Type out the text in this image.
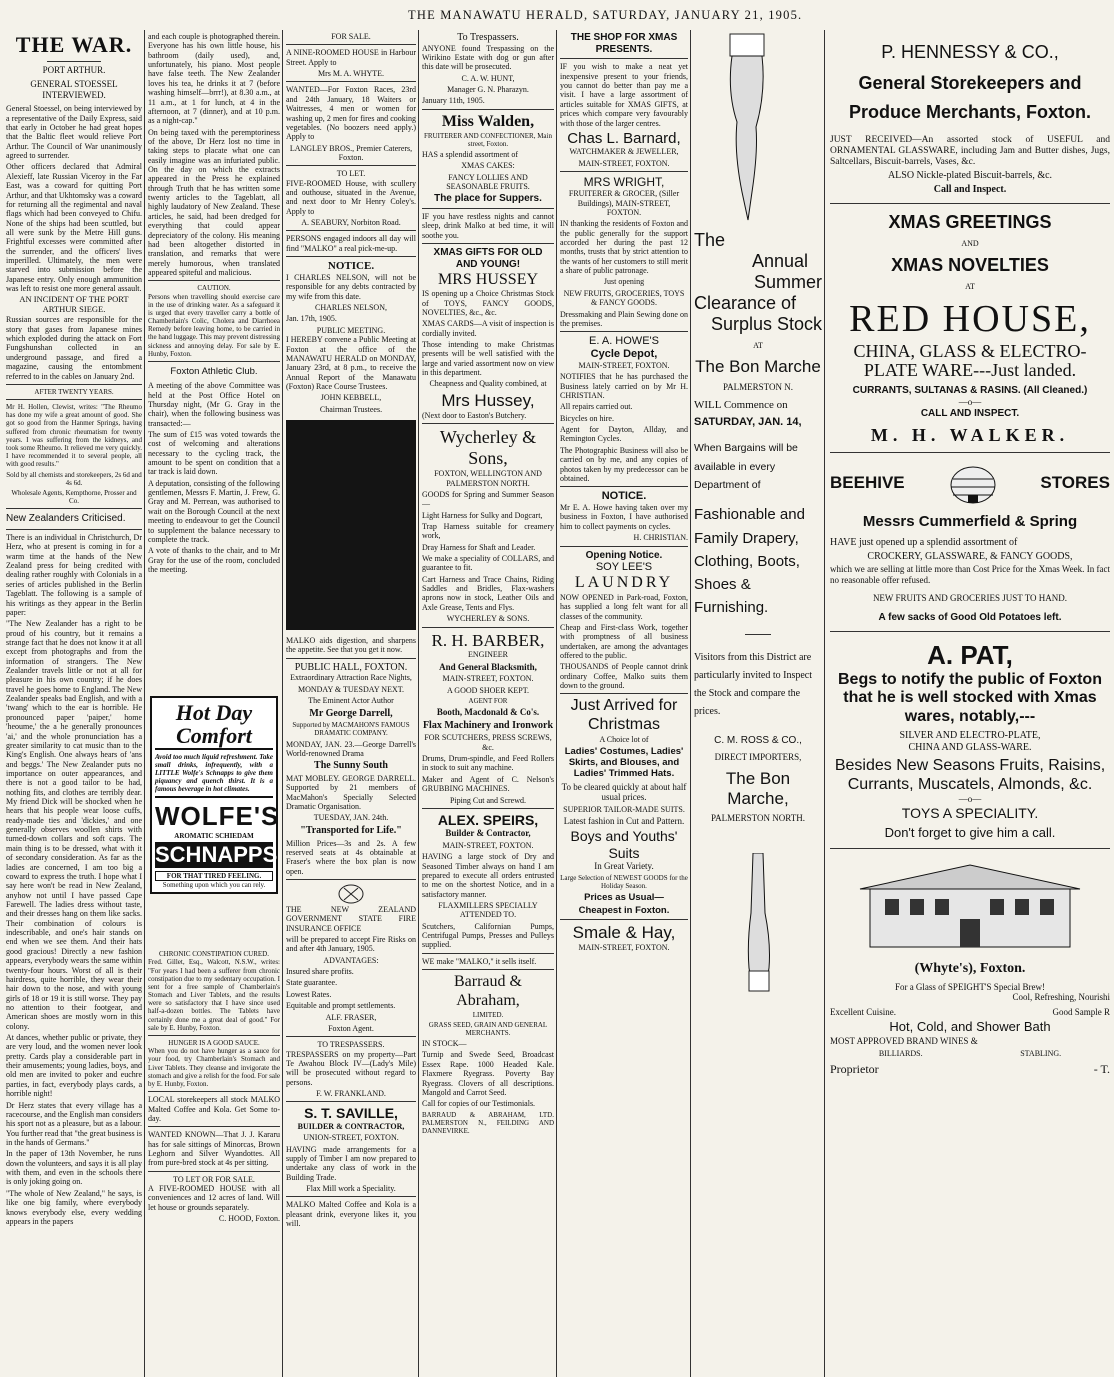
THE MANAWATU HERALD, SATURDAY, JANUARY 21, 1905.
THE WAR.
PORT ARTHUR.
GENERAL STOESSEL INTERVIEWED.

General Stoessel, on being interviewed by a representative of the Daily Express, said that early in October he had great hopes that the Baltic fleet would relieve Port Arthur. The Council of War unanimously agreed to surrender.

Other officers declared that Admiral Alexieff, late Russian Viceroy in the Far East, was a coward for quitting Port Arthur, and that Ukhtomsky was a coward for returning all the regimental and naval flags which had been conveyed to Chifu. None of the ships had been scuttled, but all were sunk by the Metre Hill guns. Frightful excesses were committed after the surrender, and the officers' lives imperilled. Ultimately, the men were starved into submission before the Japanese entry. Only enough ammunition was left to resist one more general assault.

AN INCIDENT OF THE PORT ARTHUR SIEGE.

Russian sources are responsible for the story that gases from Japanese mines which exploded during the attack on Fort Fungshunshan collected in an underground passage, and fired a magazine, causing the entombment referred to in the cables on January 2nd.

AFTER TWENTY YEARS.

Mr H. Hollen, Clewist, writes: "The Rheumo has done my wife a great amount of good. She got so good from the Hanmer Springs, having suffered from chronic rheumatism for twenty years. I was suffering from the kidneys, and took some Rheumo. It relieved me very quickly. I have recommended it to several people, all with good results."

Sold by all chemists and storekeepers, 2s 6d and 4s 6d.

Wholesale Agents, Kempthorne, Prosser and Co.

New Zealanders Criticised.

There is an individual in Christchurch, Dr Herz, who at present is coming in for a warm time at the hands of the New Zealand press for being credited with dealing rather roughly with Colonials in a series of articles published in the Berlin Tageblatt. The following is a sample of his writings as they appear in the Berlin paper:

"The New Zealander has a right to be proud of his country, but it remains a strange fact that he does not know it at all except from photographs and from the information of strangers. The New Zealander travels little or not at all for pleasure in his own country; if he does travel he goes home to England. The New Zealander speaks bad English, and with a 'twang' which to the ear is horrible. He pronounced paper 'paiper,' home 'heoume,' the a he generally pronounces 'ai,' and the whole pronunciation has a greater similarity to cat music than to the King's English. One always hears of 'ans and beggs.' The New Zealander puts no importance on outer appearances, and there is not a good tailor to be had, nothing fits, and clothes are terribly dear. My friend Dick will be shocked when he hears that his people wear loose cuffs, ready-made ties and 'dickies,' and one generally observes woollen shirts with turned-down collars and soft caps. The main thing is to be dressed, what with it of secondary consideration. As far as the ladies are concerned, I am too big a coward to express the truth. I hope what I say here won't be read in New Zealand, anyhow not until I have passed Cape Farewell. The ladies dress without taste, and their dresses hang on them like sacks. Their combination of colours is indescribable, and one's hair stands on end when we see them. And their hats good gracious! Directly a new fashion appears, everybody wears the same within twenty-four hours. Worst of all is their hairdress, quite horrible, they wear their hair down to the nose, and with young girls of 18 or 19 it is still worse. They pay no attention to their footgear, and American shoes are mostly worn in this colony.

At dances, whether public or private, they are very loud, and the women never look pretty. Cards play a considerable part in their amusements; young ladies, boys, and old men are invited to poker and euchre parties, in fact, everybody plays cards, a horrible night!

Dr Herz states that every village has a racecourse, and the English man considers his sport not as a pleasure, but as a labour. You further read that "the great business is in the hands of Germans."

In the paper of 13th November, he runs down the volunteers, and says it is all play with them, and even in the schools there is only joking going on.

"The whole of New Zealand," he says, is like one big family, where everybody knows everybody else, every wedding appears in the papers

and each couple is photographed therein. Everyone has his own little house, his bathroom (daily used), and, unfortunately, his piano. Most people have false teeth. The New Zealander loves his tea, he drinks it at 7 (before washing himself—brrr!), at 8.30 a.m., at 11 a.m., at 1 for lunch, at 4 in the afternoon, at 7 (dinner), and at 10 p.m. as a night-cap."

On being taxed with the peremptoriness of the above, Dr Herz lost no time in taking steps to placate what one can easily imagine was an infuriated public. On the day on which the extracts appeared in the Press he explained through Truth that he has written some twenty articles to the Tageblatt, all highly laudatory of New Zealand. These articles, he said, had been dredged for everything that could appear depreciatory of the colony. His meaning had been altogether distorted in translation, and remarks that were merely humorous, when translated appeared spiteful and malicious.

CAUTION.

Persons when travelling should exercise care in the use of drinking water. As a safeguard it is urged that every traveller carry a bottle of Chamberlain's Colic, Cholera and Diarrhoea Remedy before leaving home, to be carried in the hand luggage. This may prevent distressing sickness and annoying delay. For sale by E. Hunby, Foxton.

Foxton Athletic Club.

A meeting of the above Committee was held at the Post Office Hotel on Thursday night, (Mr G. Gray in the chair), when the following business was transacted:—

The sum of £15 was voted towards the cost of welcoming and alterations necessary to the cycling track, the amount to be spent on condition that a tar track is laid down.

A deputation, consisting of the following gentlemen, Messrs F. Martin, J. Frew, G. Gray and M. Perrean, was authorised to wait on the Borough Council at the next meeting to endeavour to get the Council to supplement the balance necessary to complete the track.

A vote of thanks to the chair, and to Mr Gray for the use of the room, concluded the meeting.

Hot Day Comfort
Avoid too much liquid refreshment. Take small drinks, infrequently, with a LITTLE Wolfe's Schnapps to give them piquancy and quench thirst. It is a famous beverage in hot climates.
WOLFE'S
AROMATIC SCHIEDAM
SCHNAPPS
FOR THAT TIRED FEELING.
Something upon which you can rely.
CHRONIC CONSTIPATION CURED.

Fred. Gillet, Esq., Walcott, N.S.W., writes: "For years I had been a sufferer from chronic constipation due to my sedentary occupation. I sent for a free sample of Chamberlain's Stomach and Liver Tablets, and the results were so satisfactory that I have since used half-a-dozen bottles. The Tablets have certainly done me a great deal of good." For sale by E. Hunby, Foxton.

HUNGER IS A GOOD SAUCE.

When you do not have hunger as a sauce for your food, try Chamberlain's Stomach and Liver Tablets. They cleanse and invigorate the stomach and give a relish for the food. For sale by E. Hunby, Foxton.

LOCAL storekeepers all stock MALKO Malted Coffee and Kola. Get Some to-day.

WANTED KNOWN—That J. J. Kararu has for sale sittings of Minorcas, Brown Leghorn and Silver Wyandottes. All from pure-bred stock at 4s per sitting.

TO LET OR FOR SALE.

A FIVE-ROOMED HOUSE with all conveniences and 12 acres of land. Will let house or grounds separately.

C. HOOD, Foxton.

FOR SALE.

A NINE-ROOMED HOUSE in Harbour Street. Apply to

Mrs M. A. WHYTE.

WANTED—For Foxton Races, 23rd and 24th January, 18 Waiters or Waitresses, 4 men or women for washing up, 2 men for fires and cooking vegetables. (No boozers need apply.) Apply to

LANGLEY BROS., Premier Caterers, Foxton.

TO LET.

FIVE-ROOMED House, with scullery and outhouse, situated in the Avenue, and next door to Mr Henry Coley's. Apply to

A. SEABURY, Norbiton Road.

PERSONS engaged indoors all day will find "MALKO" a real pick-me-up.

NOTICE.

I CHARLES NELSON, will not be responsible for any debts contracted by my wife from this date.

CHARLES NELSON,

Jan. 17th, 1905.

PUBLIC MEETING.

I HEREBY convene a Public Meeting at Foxton at the office of the MANAWATU HERALD on MONDAY, January 23rd, at 8 p.m., to receive the Annual Report of the Manawatu (Foxton) Race Course Trustees.

JOHN KEBBELL,

Chairman Trustees.

MALKO aids digestion, and sharpens the appetite. See that you get it now.

PUBLIC HALL, FOXTON.

Extraordinary Attraction Race Nights,

MONDAY & TUESDAY NEXT.

The Eminent Actor Author

Mr George Darrell,

Supported by MACMAHON'S FAMOUS DRAMATIC COMPANY.

MONDAY, JAN. 23.—George Darrell's World-renowned Drama

The Sunny South

MAT MOBLEY. GEORGE DARRELL. Supported by 21 members of MacMahon's Specially Selected Dramatic Organisation.

TUESDAY, JAN. 24th.

"Transported for Life."

Million Prices—3s and 2s. A few reserved seats at 4s obtainable at Fraser's where the box plan is now open.

THE NEW ZEALAND GOVERNMENT STATE FIRE INSURANCE OFFICE

will be prepared to accept Fire Risks on and after 4th January, 1905.

ADVANTAGES:

Insured share profits.

State guarantee.

Lowest Rates.

Equitable and prompt settlements.

ALF. FRASER,

Foxton Agent.

TO TRESPASSERS.

TRESPASSERS on my property—Part Te Awahou Block IV—(Lady's Mile) will be prosecuted without regard to persons.

F. W. FRANKLAND.

S. T. SAVILLE,

BUILDER & CONTRACTOR,

UNION-STREET, FOXTON.

HAVING made arrangements for a supply of Timber I am now prepared to undertake any class of work in the Building Trade.

Flax Mill work a Speciality.

MALKO Malted Coffee and Kola is a pleasant drink, everyone likes it, you will.

To Trespassers.

ANYONE found Trespassing on the Wirikino Estate with dog or gun after this date will be prosecuted.

C. A. W. HUNT,

Manager G. N. Pharazyn.

January 11th, 1905.

Miss Walden,

FRUITERER AND CONFECTIONER, Main street, Foxton.

HAS a splendid assortment of

XMAS CAKES:

FANCY LOLLIES AND SEASONABLE FRUITS.

The place for Suppers.

IF you have restless nights and cannot sleep, drink Malko at bed time, it will soothe you.

XMAS GIFTS FOR OLD AND YOUNG!
MRS HUSSEY

IS opening up a Choice Christmas Stock of TOYS, FANCY GOODS, NOVELTIES, &c., &c.

XMAS CARDS—A visit of inspection is cordially invited.

Those intending to make Christmas presents will be well satisfied with the large and varied assortment now on view in this department.

Cheapness and Quality combined, at

Mrs Hussey,

(Next door to Easton's Butchery.

Wycherley & Sons,

FOXTON, WELLINGTON AND PALMERSTON NORTH.

GOODS for Spring and Summer Season—

Light Harness for Sulky and Dogcart,

Trap Harness suitable for creamery work,

Dray Harness for Shaft and Leader.

We make a speciality of COLLARS, and guarantee to fit.

Cart Harness and Trace Chains, Riding Saddles and Bridles, Flax-washers aprons now in stock, Leather Oils and Axle Grease, Tents and Flys.

WYCHERLEY & SONS.

R. H. BARBER,

ENGINEER

And General Blacksmith,

MAIN-STREET, FOXTON.

A GOOD SHOER KEPT.

AGENT FOR

Booth, Macdonald & Co's.

Flax Machinery and Ironwork

FOR SCUTCHERS, PRESS SCREWS, &c.

Drums, Drum-spindle, and Feed Rollers in stock to suit any machine.

Maker and Agent of C. Nelson's GRUBBING MACHINES.

Piping Cut and Screwd.

ALEX. SPEIRS,

Builder & Contractor,

MAIN-STREET, FOXTON.

HAVING a large stock of Dry and Seasoned Timber always on hand I am prepared to execute all orders entrusted to me on the shortest Notice, and in a satisfactory manner.

FLAXMILLERS SPECIALLY ATTENDED TO.

Scutchers, Californian Pumps, Centrifugal Pumps, Presses and Pulleys supplied.

WE make "MALKO," it sells itself.

Barraud & Abraham,

LIMITED.

GRASS SEED, GRAIN AND GENERAL MERCHANTS.

IN STOCK—

Turnip and Swede Seed, Broadcast Essex Rape. 1000 Headed Kale. Flaxmere Ryegrass. Poverty Bay Ryegrass. Clovers of all descriptions. Mangold and Carrot Seed.

Call for copies of our Testimonials.

BARRAUD & ABRAHAM, LTD. PALMERSTON N., FEILDING AND DANNEVIRKE.

THE SHOP FOR XMAS PRESENTS.

IF you wish to make a neat yet inexpensive present to your friends, you cannot do better than pay me a visit. I have a large assortment of articles suitable for XMAS GIFTS, at prices which compare very favourably with those of the larger centres.

Chas L. Barnard,

WATCHMAKER & JEWELLER,

MAIN-STREET, FOXTON.

MRS WRIGHT,

FRUITERER & GROCER, (Siller Buildings), MAIN-STREET, FOXTON.

IN thanking the residents of Foxton and the public generally for the support accorded her during the past 12 months, trusts that by strict attention to the wants of her customers to still merit a share of public patronage.

Just opening

NEW FRUITS, GROCERIES, TOYS & FANCY GOODS.

Dressmaking and Plain Sewing done on the premises.

E. A. HOWE'S
Cycle Depot,

MAIN-STREET, FOXTON.

NOTIFIES that he has purchased the Business lately carried on by Mr H. CHRISTIAN.

All repairs carried out.

Bicycles on hire.

Agent for Dayton, Allday, and Remington Cycles.

The Photographic Business will also be carried on by me, and any copies of photos taken by my predecessor can be obtained.

NOTICE.

Mr E. A. Howe having taken over my business in Foxton, I have authorised him to collect payments on cycles.

H. CHRISTIAN.

Opening Notice.
SOY LEE'S
LAUNDRY

NOW OPENED in Park-road, Foxton, has supplied a long felt want for all classes of the community.

Cheap and First-class Work, together with promptness of all business undertaken, are among the advantages offered to the public.

THOUSANDS of People cannot drink ordinary Coffee, Malko suits them down to the ground.

Just Arrived for Christmas

A Choice lot of

Ladies' Costumes, Ladies' Skirts, and Blouses, and Ladies' Trimmed Hats.

To be cleared quickly at about half usual prices.

SUPERIOR TAILOR-MADE SUITS.

Latest fashion in Cut and Pattern.

Boys and Youths' Suits

In Great Variety.

Large Selection of NEWEST GOODS for the Holiday Season.

Prices as Usual—

Cheapest in Foxton.

Smale & Hay,

MAIN-STREET, FOXTON.

The
Annual
Summer
Clearance of
Surplus Stock
AT
The Bon Marche
PALMERSTON N.
WILL Commence on
SATURDAY, JAN. 14,
When Bargains will be available in every Department of
Fashionable and Family Drapery, Clothing, Boots, Shoes & Furnishing.
Visitors from this District are particularly invited to Inspect the Stock and compare the prices.
C. M. ROSS & CO.,
DIRECT IMPORTERS,
The Bon Marche,
PALMERSTON NORTH.
P. HENNESSY & CO.,
General Storekeepers and Produce Merchants, Foxton.

JUST RECEIVED—An assorted stock of USEFUL and ORNAMENTAL GLASSWARE, including Jam and Butter dishes, Jugs, Saltcellars, Biscuit-barrels, Vases, &c.

ALSO Nickle-plated Biscuit-barrels, &c.

Call and Inspect.

XMAS GREETINGS
AND
XMAS NOVELTIES
AT
RED HOUSE,
CHINA, GLASS & ELECTRO-PLATE WARE---Just landed.
CURRANTS, SULTANAS & RASINS. (All Cleaned.)
—o—
CALL AND INSPECT.
M. H. WALKER.
BEEHIVE	STORES
Messrs Cummerfield & Spring

HAVE just opened up a splendid assortment of

CROCKERY, GLASSWARE, & FANCY GOODS,

which we are selling at little more than Cost Price for the Xmas Week. In fact no reasonable offer refused.

NEW FRUITS AND GROCERIES JUST TO HAND.
A few sacks of Good Old Potatoes left.
A. PAT,
Begs to notify the public of Foxton that he is well stocked with Xmas wares, notably,---
SILVER AND ELECTRO-PLATE,
CHINA AND GLASS-WARE.
Besides New Seasons Fruits, Raisins, Currants, Muscatels, Almonds, &c.
—o—
TOYS A SPECIALITY.
Don't forget to give him a call.
(Whyte's), Foxton.
For a Glass of SPEIGHT'S Special Brew!
Cool, Refreshing, Nourishi
Excellent Cuisine.	Good Sample R
Hot, Cold, and Shower Bath
MOST APPROVED BRAND WINES &
BILLIARDS.	STABLING.
Proprietor	- T.
